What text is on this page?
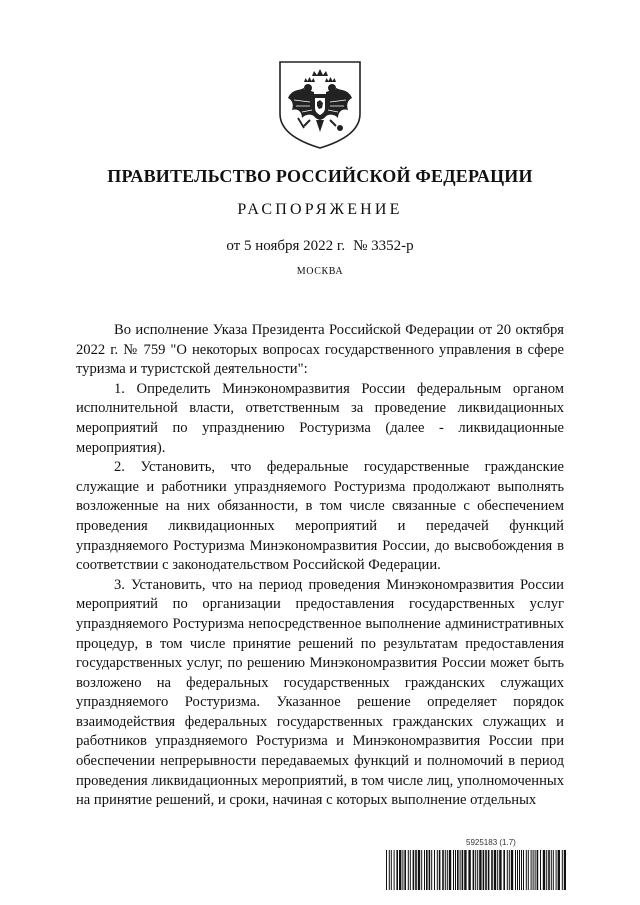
ПРАВИТЕЛЬСТВО РОССИЙСКОЙ ФЕДЕРАЦИИ
РАСПОРЯЖЕНИЕ
от 5 ноября 2022 г. № 3352-р
МОСКВА

Во исполнение Указа Президента Российской Федерации от 20 октября 2022 г. № 759 "О некоторых вопросах государственного управления в сфере туризма и туристской деятельности":

1. Определить Минэкономразвития России федеральным органом исполнительной власти, ответственным за проведение ликвидационных мероприятий по упразднению Ростуризма (далее - ликвидационные мероприятия).

2. Установить, что федеральные государственные гражданские служащие и работники упраздняемого Ростуризма продолжают выполнять возложенные на них обязанности, в том числе связанные с обеспечением проведения ликвидационных мероприятий и передачей функций упраздняемого Ростуризма Минэкономразвития России, до высвобождения в соответствии с законодательством Российской Федерации.

3. Установить, что на период проведения Минэкономразвития России мероприятий по организации предоставления государственных услуг упраздняемого Ростуризма непосредственное выполнение административных процедур, в том числе принятие решений по результатам предоставления государственных услуг, по решению Минэкономразвития России может быть возложено на федеральных государственных гражданских служащих упраздняемого Ростуризма. Указанное решение определяет порядок взаимодействия федеральных государственных гражданских служащих и работников упраздняемого Ростуризма и Минэкономразвития России при обеспечении непрерывности передаваемых функций и полномочий в период проведения ликвидационных мероприятий, в том числе лиц, уполномоченных на принятие решений, и сроки, начиная с которых выполнение отдельных

5925183 (1.7)
